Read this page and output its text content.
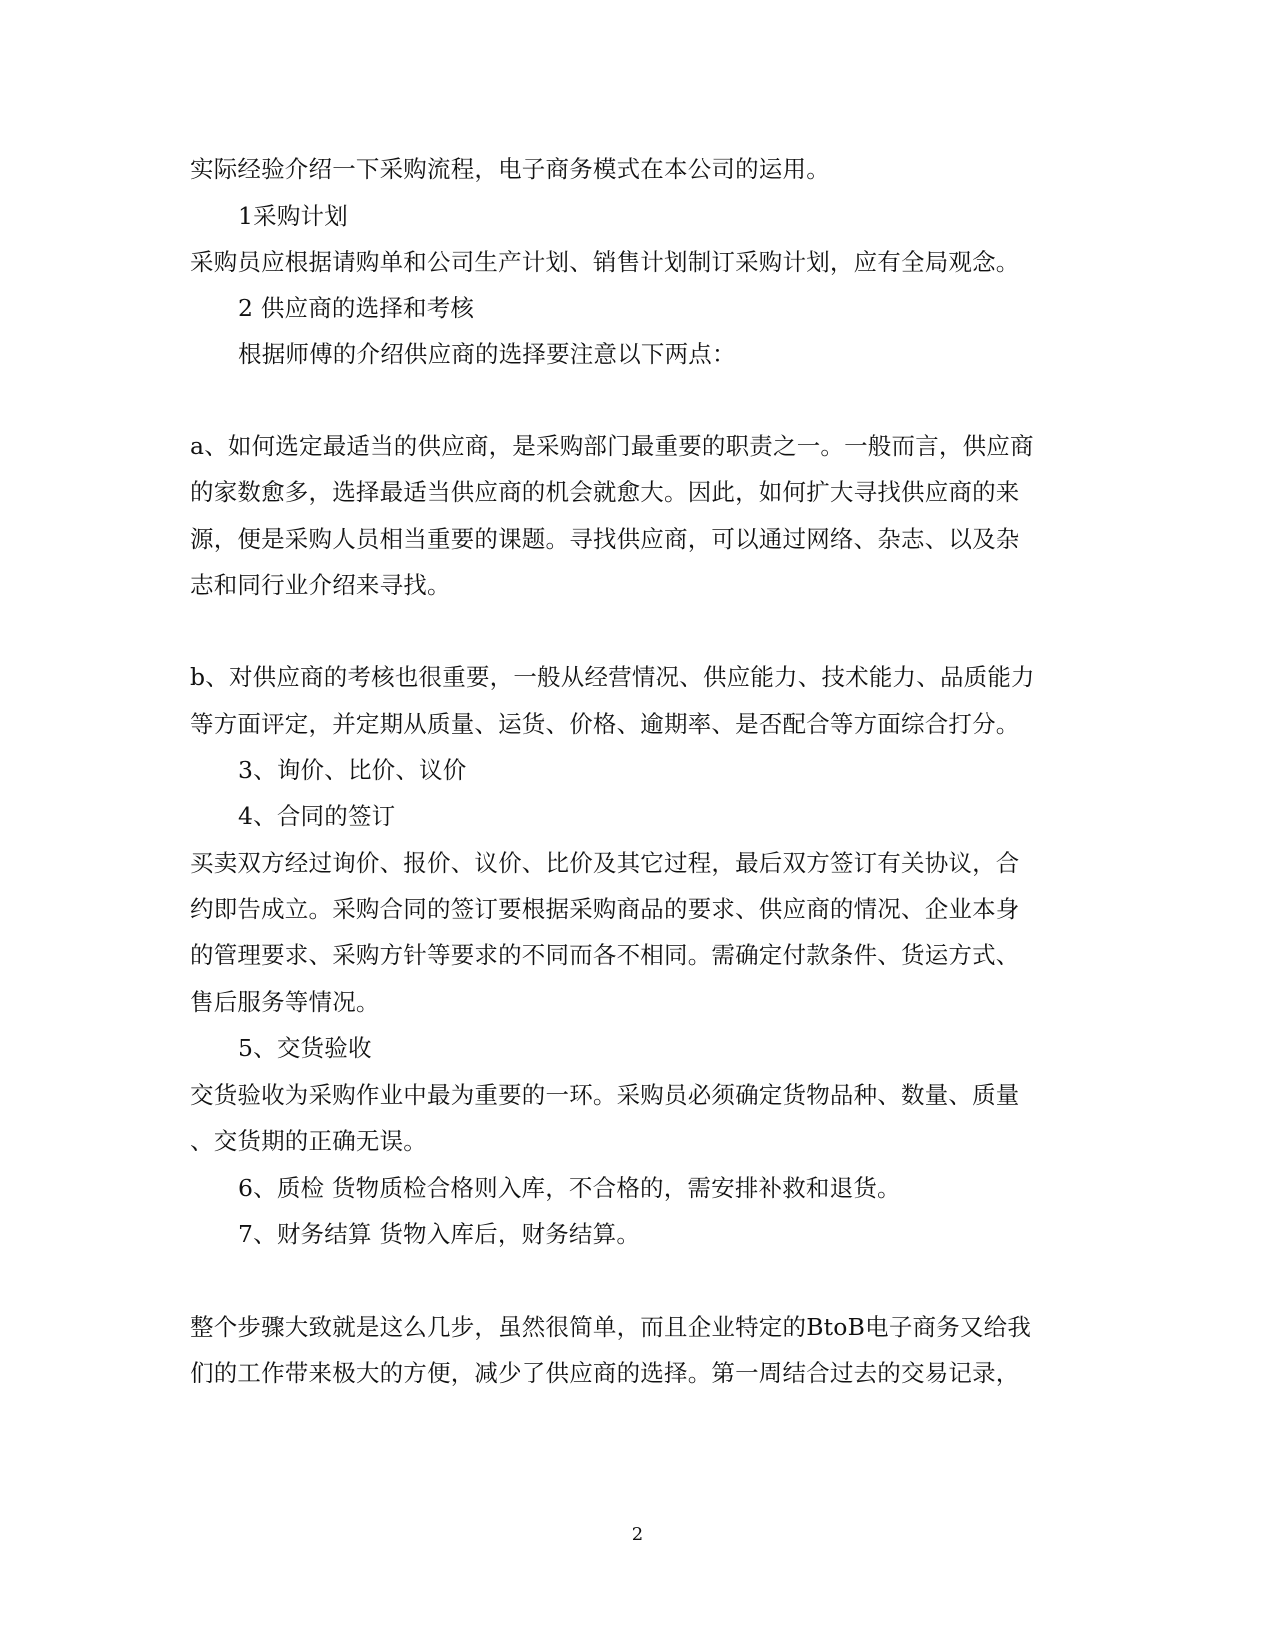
实际经验介绍一下采购流程，电子商务模式在本公司的运用。
1采购计划
采购员应根据请购单和公司生产计划、销售计划制订采购计划，应有全局观念。
2 供应商的选择和考核
根据师傅的介绍供应商的选择要注意以下两点：
a、如何选定最适当的供应商，是采购部门最重要的职责之一。一般而言，供应商
的家数愈多，选择最适当供应商的机会就愈大。因此，如何扩大寻找供应商的来
源，便是采购人员相当重要的课题。寻找供应商，可以通过网络、杂志、以及杂
志和同行业介绍来寻找。
b、对供应商的考核也很重要，一般从经营情况、供应能力、技术能力、品质能力
等方面评定，并定期从质量、运货、价格、逾期率、是否配合等方面综合打分。
3、询价、比价、议价
4、合同的签订
买卖双方经过询价、报价、议价、比价及其它过程，最后双方签订有关协议，合
约即告成立。采购合同的签订要根据采购商品的要求、供应商的情况、企业本身
的管理要求、采购方针等要求的不同而各不相同。需确定付款条件、货运方式、
售后服务等情况。
5、交货验收
交货验收为采购作业中最为重要的一环。采购员必须确定货物品种、数量、质量
、交货期的正确无误。
6、质检 货物质检合格则入库，不合格的，需安排补救和退货。
7、财务结算 货物入库后，财务结算。
整个步骤大致就是这么几步，虽然很简单，而且企业特定的BtoB电子商务又给我
们的工作带来极大的方便，减少了供应商的选择。第一周结合过去的交易记录，
2
